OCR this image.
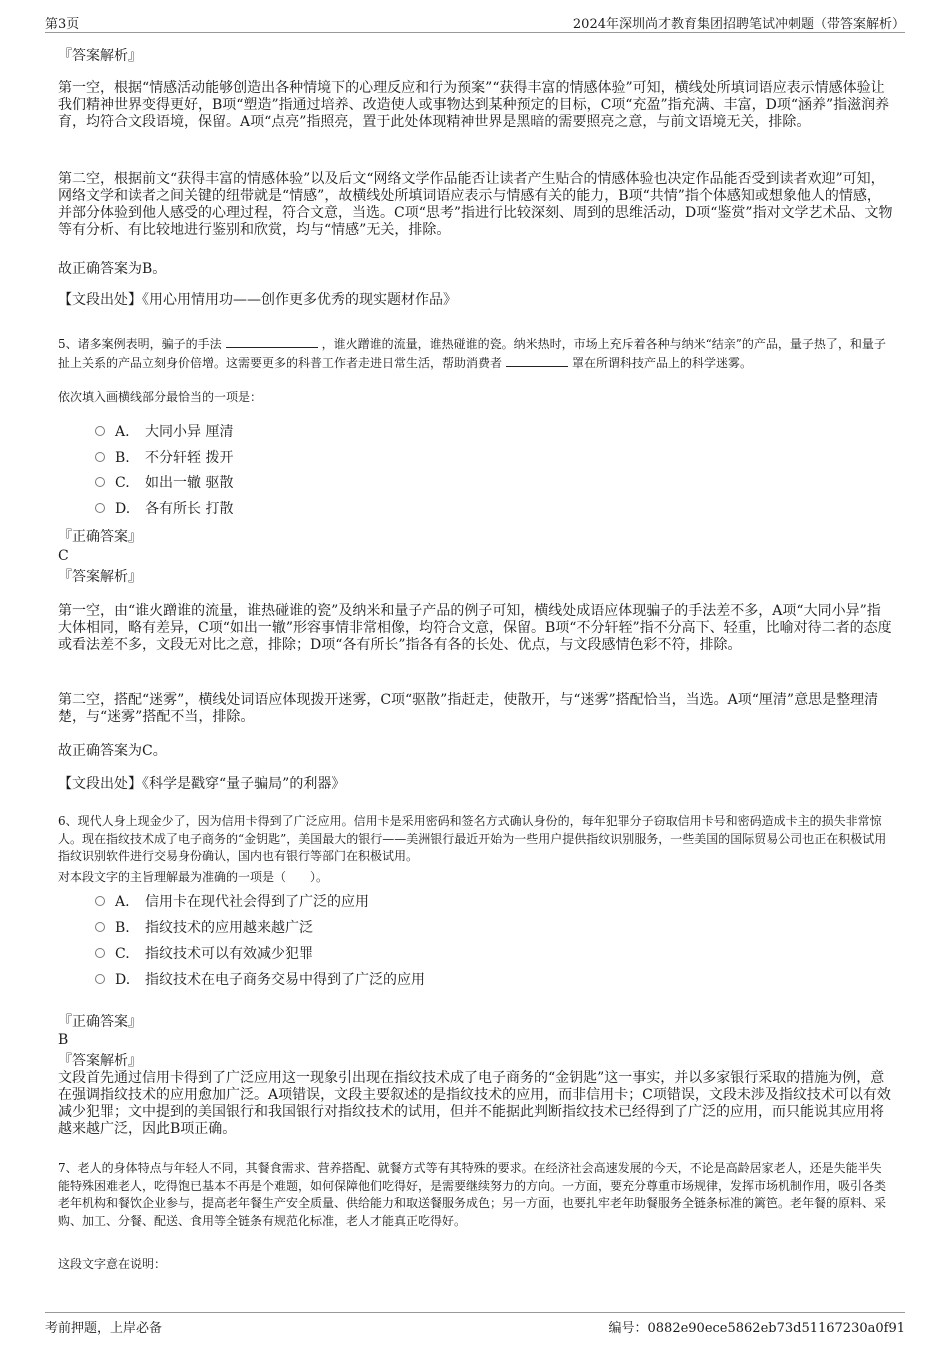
第3页	2024年深圳尚才教育集团招聘笔试冲刺题（带答案解析）
『答案解析』

第一空，根据“情感活动能够创造出各种情境下的心理反应和行为预案”“获得丰富的情感体验”可知，横线处所填词语应表示情感体验让我们精神世界变得更好，B项“塑造”指通过培养、改造使人或事物达到某种预定的目标，C项“充盈”指充满、丰富，D项“涵养”指滋润养育，均符合文段语境，保留。A项“点亮”指照亮，置于此处体现精神世界是黑暗的需要照亮之意，与前文语境无关，排除。

第二空，根据前文“获得丰富的情感体验”以及后文“网络文学作品能否让读者产生贴合的情感体验也决定作品能否受到读者欢迎”可知，网络文学和读者之间关键的纽带就是“情感”，故横线处所填词语应表示与情感有关的能力，B项“共情”指个体感知或想象他人的情感，并部分体验到他人感受的心理过程，符合文意，当选。C项“思考”指进行比较深刻、周到的思维活动，D项“鉴赏”指对文学艺术品、文物等有分析、有比较地进行鉴别和欣赏，均与“情感”无关，排除。

故正确答案为B。
【文段出处】《用心用情用功——创作更多优秀的现实题材作品》

5、诸多案例表明，骗子的手法	，谁火蹭谁的流量，谁热碰谁的瓷。纳米热时，市场上充斥着各种与纳米“结亲”的产品，量子热了，和量子扯上关系的产品立刻身价倍增。这需要更多的科普工作者走进日常生活，帮助消费者	罩在所谓科技产品上的科学迷雾。

依次填入画横线部分最恰当的一项是：
A. 大同小异 厘清
B. 不分轩轾 拨开
C. 如出一辙 驱散
D. 各有所长 打散
『正确答案』
C
『答案解析』

第一空，由“谁火蹭谁的流量，谁热碰谁的瓷”及纳米和量子产品的例子可知，横线处成语应体现骗子的手法差不多，A项“大同小异”指大体相同，略有差异，C项“如出一辙”形容事情非常相像，均符合文意，保留。B项“不分轩轾”指不分高下、轻重，比喻对待二者的态度或看法差不多，文段无对比之意，排除；D项“各有所长”指各有各的长处、优点，与文段感情色彩不符，排除。

第二空，搭配“迷雾”，横线处词语应体现拨开迷雾，C项“驱散”指赶走，使散开，与“迷雾”搭配恰当，当选。A项“厘清”意思是整理清楚，与“迷雾”搭配不当，排除。

故正确答案为C。
【文段出处】《科学是戳穿“量子骗局”的利器》

6、现代人身上现金少了，因为信用卡得到了广泛应用。信用卡是采用密码和签名方式确认身份的，每年犯罪分子窃取信用卡号和密码造成卡主的损失非常惊人。现在指纹技术成了电子商务的“金钥匙”，美国最大的银行——美洲银行最近开始为一些用户提供指纹识别服务，一些美国的国际贸易公司也正在积极试用指纹识别软件进行交易身份确认，国内也有银行等部门在积极试用。

对本段文字的主旨理解最为准确的一项是（　　）。
A. 信用卡在现代社会得到了广泛的应用
B. 指纹技术的应用越来越广泛
C. 指纹技术可以有效减少犯罪
D. 指纹技术在电子商务交易中得到了广泛的应用
『正确答案』
B
『答案解析』

文段首先通过信用卡得到了广泛应用这一现象引出现在指纹技术成了电子商务的“金钥匙”这一事实，并以多家银行采取的措施为例，意在强调指纹技术的应用愈加广泛。A项错误，文段主要叙述的是指纹技术的应用，而非信用卡；C项错误，文段未涉及指纹技术可以有效减少犯罪；文中提到的美国银行和我国银行对指纹技术的试用，但并不能据此判断指纹技术已经得到了广泛的应用，而只能说其应用将越来越广泛，因此B项正确。

7、老人的身体特点与年轻人不同，其餐食需求、营养搭配、就餐方式等有其特殊的要求。在经济社会高速发展的今天，不论是高龄居家老人，还是失能半失能特殊困难老人，吃得饱已基本不再是个难题，如何保障他们吃得好，是需要继续努力的方向。一方面，要充分尊重市场规律，发挥市场机制作用，吸引各类老年机构和餐饮企业参与，提高老年餐生产安全质量、供给能力和取送餐服务成色；另一方面，也要扎牢老年助餐服务全链条标准的篱笆。老年餐的原料、采购、加工、分餐、配送、食用等全链条有规范化标准，老人才能真正吃得好。

这段文字意在说明：
考前押题，上岸必备	编号：0882e90ece5862eb73d51167230a0f91
